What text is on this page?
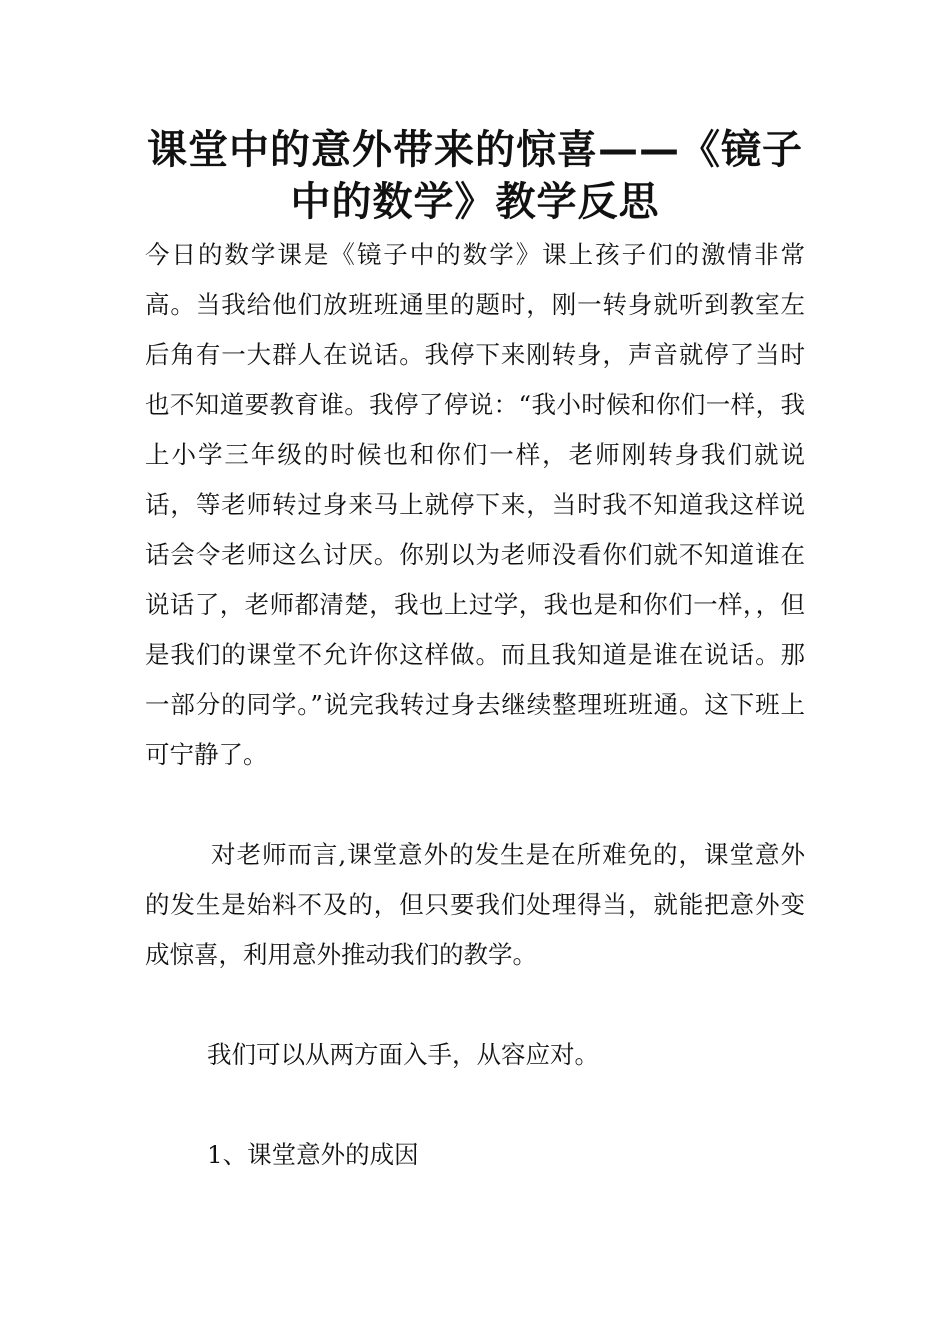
课堂中的意外带来的惊喜——《镜子中的数学》教学反思

今日的数学课是《镜子中的数学》课上孩子们的激情非常高。当我给他们放班班通里的题时，刚一转身就听到教室左后角有一大群人在说话。我停下来刚转身，声音就停了当时也不知道要教育谁。我停了停说：“我小时候和你们一样，我上小学三年级的时候也和你们一样，老师刚转身我们就说话，等老师转过身来马上就停下来，当时我不知道我这样说话会令老师这么讨厌。你别以为老师没看你们就不知道谁在说话了，老师都清楚，我也上过学，我也是和你们一样，，但是我们的课堂不允许你这样做。而且我知道是谁在说话。那一部分的同学。”说完我转过身去继续整理班班通。这下班上可宁静了。

对老师而言,课堂意外的发生是在所难免的，课堂意外的发生是始料不及的，但只要我们处理得当，就能把意外变成惊喜，利用意外推动我们的教学。

我们可以从两方面入手，从容应对。

1、课堂意外的成因
